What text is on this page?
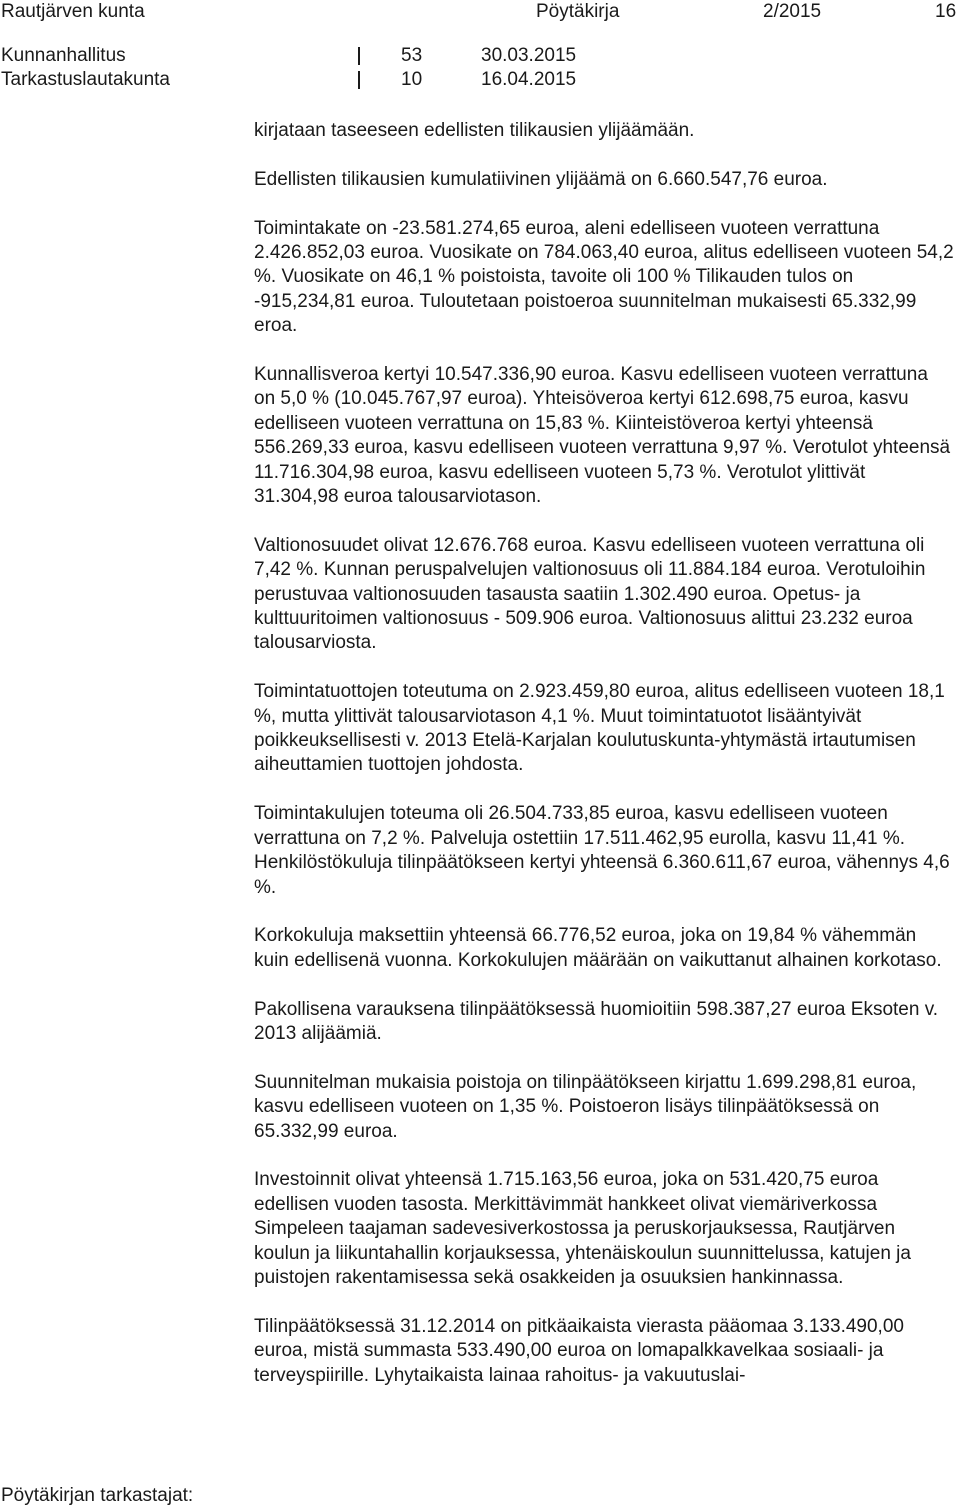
Rautjärven kunta	Pöytäkirja	2/2015	16
Kunnanhallitus	53	30.03.2015
Tarkastuslautakunta	10	16.04.2015

kirjataan taseeseen edellisten tilikausien ylijäämään.

Edellisten tilikausien kumulatiivinen ylijäämä on 6.660.547,76 euroa.

Toimintakate on -23.581.274,65 euroa, aleni edelliseen vuoteen verrattuna 2.426.852,03 euroa. Vuosikate on 784.063,40 euroa, alitus edelliseen vuoteen 54,2 %. Vuosikate on 46,1 % poistoista, tavoite oli 100 % Tilikauden tulos on -915,234,81 euroa. Tuloutetaan poistoeroa suunnitelman mukaisesti 65.332,99 eroa.

Kunnallisveroa kertyi 10.547.336,90 euroa. Kasvu edelliseen vuoteen verrattuna on 5,0 % (10.045.767,97 euroa). Yhteisöveroa kertyi 612.698,75 euroa, kasvu edelliseen vuoteen verrattuna on 15,83 %. Kiinteistöveroa kertyi yhteensä 556.269,33 euroa, kasvu edelliseen vuoteen verrattuna 9,97 %. Verotulot yhteensä 11.716.304,98 euroa, kasvu edelliseen vuoteen 5,73 %. Verotulot ylittivät 31.304,98 euroa talousarviotason.

Valtionosuudet olivat 12.676.768 euroa. Kasvu edelliseen vuoteen verrattuna oli 7,42 %. Kunnan peruspalvelujen valtionosuus oli 11.884.184 euroa. Verotuloihin perustuvaa valtionosuuden tasausta saatiin 1.302.490 euroa. Opetus- ja kulttuuritoimen valtionosuus - 509.906 euroa. Valtionosuus alittui 23.232 euroa talousarviosta.

Toimintatuottojen toteutuma on 2.923.459,80 euroa, alitus edelliseen vuoteen 18,1 %, mutta ylittivät talousarviotason 4,1 %. Muut toimintatuotot lisääntyivät poikkeuksellisesti v. 2013 Etelä-Karjalan koulutuskunta-yhtymästä irtautumisen aiheuttamien tuottojen johdosta.

Toimintakulujen toteuma oli 26.504.733,85 euroa, kasvu edelliseen vuoteen verrattuna on 7,2 %. Palveluja ostettiin 17.511.462,95 eurolla, kasvu 11,41 %. Henkilöstökuluja tilinpäätökseen kertyi yhteensä 6.360.611,67 euroa, vähennys 4,6 %.

Korkokuluja maksettiin yhteensä 66.776,52 euroa, joka on 19,84 % vähemmän kuin edellisenä vuonna. Korkokulujen määrään on vaikuttanut alhainen korkotaso.

Pakollisena varauksena tilinpäätöksessä huomioitiin 598.387,27 euroa Eksoten v. 2013 alijäämiä.

Suunnitelman mukaisia poistoja on tilinpäätökseen kirjattu 1.699.298,81 euroa, kasvu edelliseen vuoteen on 1,35 %. Poistoeron lisäys tilinpäätöksessä on 65.332,99 euroa.

Investoinnit olivat yhteensä 1.715.163,56 euroa, joka on 531.420,75 euroa edellisen vuoden tasosta. Merkittävimmät hankkeet olivat viemäriverkossa Simpeleen taajaman sadevesiverkostossa ja peruskorjauksessa, Rautjärven koulun ja liikuntahallin korjauksessa, yhtenäiskoulun suunnittelussa, katujen ja puistojen rakentamisessa sekä osakkeiden ja osuuksien hankinnassa.

Tilinpäätöksessä 31.12.2014 on pitkäaikaista vierasta pääomaa 3.133.490,00 euroa, mistä summasta 533.490,00 euroa on lomapalkkavelkaa sosiaali- ja terveyspiirille. Lyhytaikaista lainaa rahoitus- ja vakuutuslai-

Pöytäkirjan tarkastajat:
